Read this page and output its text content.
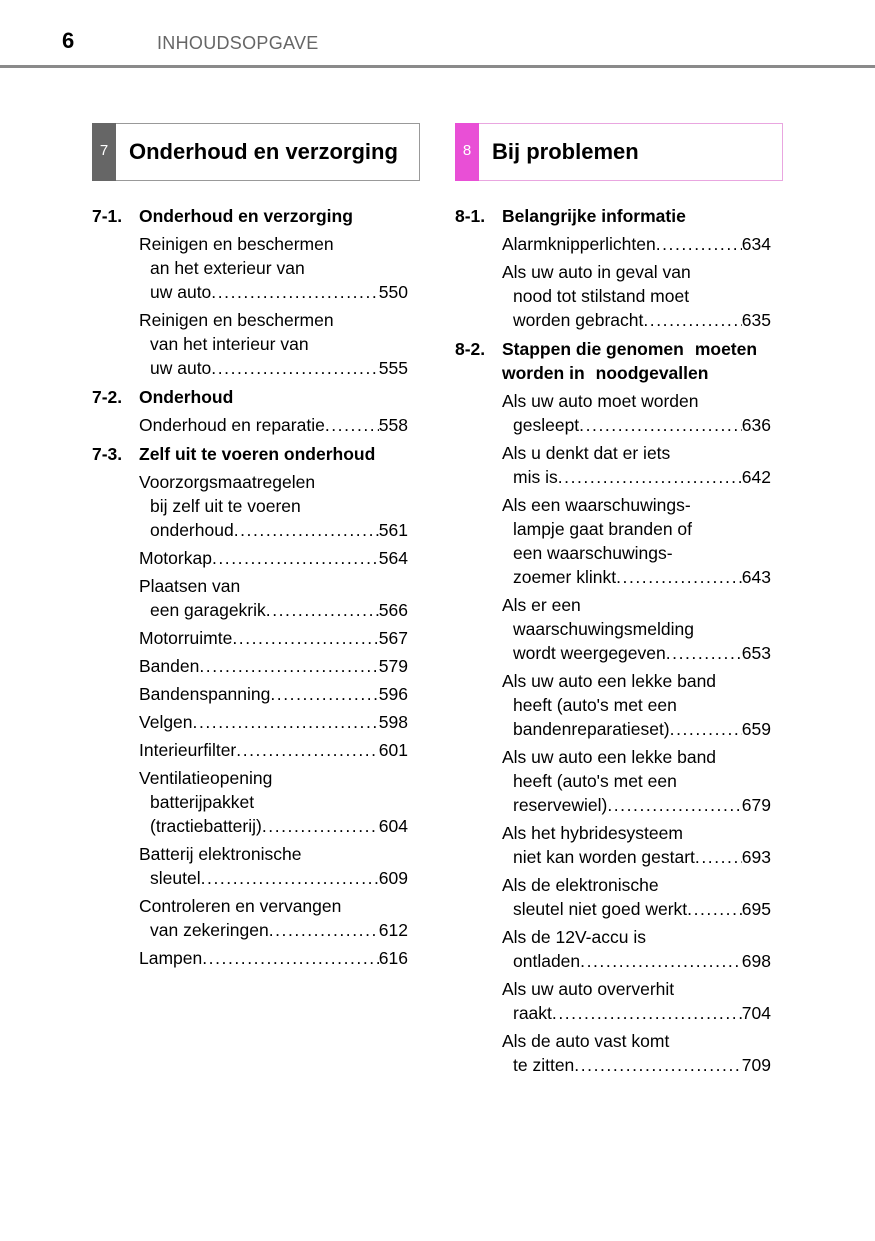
6	INHOUDSOPGAVE
7 Onderhoud en verzorging	8 Bij problemen
7-1. Onderhoud en verzorging
Reinigen en beschermen
an het exterieur van
uw auto . . .	550
Reinigen en beschermen
van het interieur van
uw auto . . .	555
7-2. Onderhoud
Onderhoud en reparatie . . .	558
7-3. Zelf uit te voeren onderhoud
Voorzorgsmaatregelen
bij zelf uit te voeren
onderhoud . . .	561
Motorkap . . .	564
Plaatsen van
een garagekrik . . .	566
Motorruimte . . .	567
Banden . . .	579
Bandenspanning . . .	596
Velgen . . .	598
Interieurfilter . . .	601
Ventilatieopening
batterijpakket
(tractiebatterij) . . .	604
Batterij elektronische
sleutel . . .	609
Controleren en vervangen
van zekeringen . . .	612
Lampen . . .	616
8-1. Belangrijke informatie
Alarmknipperlichten . . .	634
Als uw auto in geval van
nood tot stilstand moet
worden gebracht . . .	635
8-2. Stappen die genomen moeten worden in noodgevallen
Als uw auto moet worden
gesleept . . .	636
Als u denkt dat er iets
mis is . . .	642
Als een waarschuwings-
lampje gaat branden of
een waarschuwings-
zoemer klinkt . . .	643
Als er een
waarschuwingsmelding
wordt weergegeven . . .	653
Als uw auto een lekke band
heeft (auto's met een
bandenreparatieset) . . .	659
Als uw auto een lekke band
heeft (auto's met een
reservewiel) . . .	679
Als het hybridesysteem
niet kan worden gestart . . .	693
Als de elektronische
sleutel niet goed werkt . . .	695
Als de 12V-accu is
ontladen . . .	698
Als uw auto oververhit
raakt . . .	704
Als de auto vast komt
te zitten . . .	709
